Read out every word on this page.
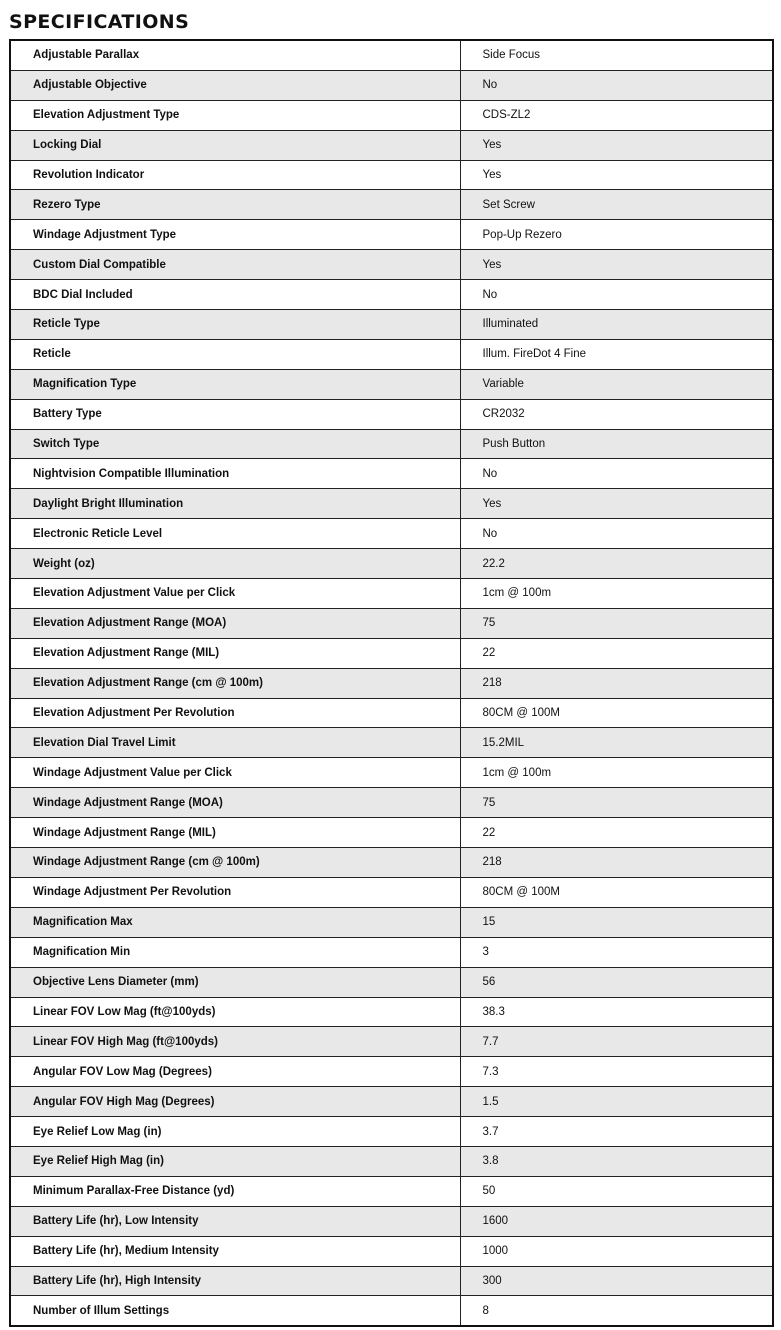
SPECIFICATIONS
Adjustable Parallax	Side Focus
Adjustable Objective	No
Elevation Adjustment Type	CDS-ZL2
Locking Dial	Yes
Revolution Indicator	Yes
Rezero Type	Set Screw
Windage Adjustment Type	Pop-Up Rezero
Custom Dial Compatible	Yes
BDC Dial Included	No
Reticle Type	Illuminated
Reticle	Illum. FireDot 4 Fine
Magnification Type	Variable
Battery Type	CR2032
Switch Type	Push Button
Nightvision Compatible Illumination	No
Daylight Bright Illumination	Yes
Electronic Reticle Level	No
Weight (oz)	22.2
Elevation Adjustment Value per Click	1cm @ 100m
Elevation Adjustment Range (MOA)	75
Elevation Adjustment Range (MIL)	22
Elevation Adjustment Range (cm @ 100m)	218
Elevation Adjustment Per Revolution	80CM @ 100M
Elevation Dial Travel Limit	15.2MIL
Windage Adjustment Value per Click	1cm @ 100m
Windage Adjustment Range (MOA)	75
Windage Adjustment Range (MIL)	22
Windage Adjustment Range (cm @ 100m)	218
Windage Adjustment Per Revolution	80CM @ 100M
Magnification Max	15
Magnification Min	3
Objective Lens Diameter (mm)	56
Linear FOV Low Mag (ft@100yds)	38.3
Linear FOV High Mag (ft@100yds)	7.7
Angular FOV Low Mag (Degrees)	7.3
Angular FOV High Mag (Degrees)	1.5
Eye Relief Low Mag (in)	3.7
Eye Relief High Mag (in)	3.8
Minimum Parallax-Free Distance (yd)	50
Battery Life (hr), Low Intensity	1600
Battery Life (hr), Medium Intensity	1000
Battery Life (hr), High Intensity	300
Number of Illum Settings	8
